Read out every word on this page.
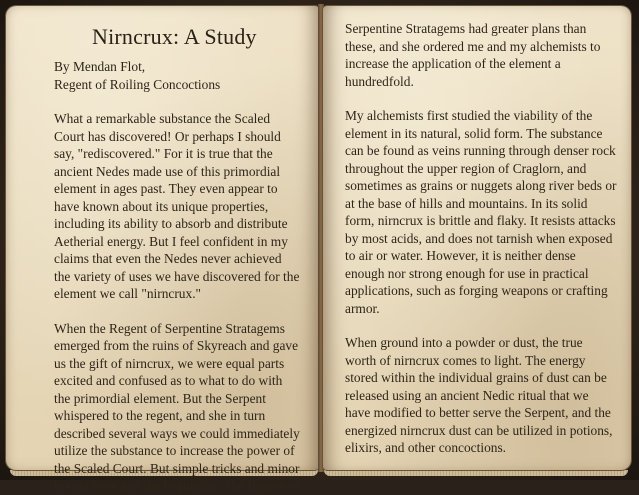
Nirncrux: A Study
By Mendan Flot,
Regent of Roiling Concoctions

What a remarkable substance the Scaled Court has discovered! Or perhaps I should say, "rediscovered." For it is true that the ancient Nedes made use of this primordial element in ages past. They even appear to have known about its unique properties, including its ability to absorb and distribute Aetherial energy. But I feel confident in my claims that even the Nedes never achieved the variety of uses we have discovered for the element we call "nirncrux."

When the Regent of Serpentine Stratagems emerged from the ruins of Skyreach and gave us the gift of nirncrux, we were equal parts excited and confused as to what to do with the primordial element. But the Serpent whispered to the regent, and she in turn described several ways we could immediately utilize the substance to increase the power of the Scaled Court. But simple tricks and minor boosts were just the beginning. The Regent of

Serpentine Stratagems had greater plans than these, and she ordered me and my alchemists to increase the application of the element a hundredfold.

My alchemists first studied the viability of the element in its natural, solid form. The substance can be found as veins running through denser rock throughout the upper region of Craglorn, and sometimes as grains or nuggets along river beds or at the base of hills and mountains. In its solid form, nirncrux is brittle and flaky. It resists attacks by most acids, and does not tarnish when exposed to air or water. However, it is neither dense enough nor strong enough for use in practical applications, such as forging weapons or crafting armor.

When ground into a powder or dust, the true worth of nirncrux comes to light. The energy stored within the individual grains of dust can be released using an ancient Nedic ritual that we have modified to better serve the Serpent, and the energized nirncrux dust can be utilized in potions, elixirs, and other concoctions.
